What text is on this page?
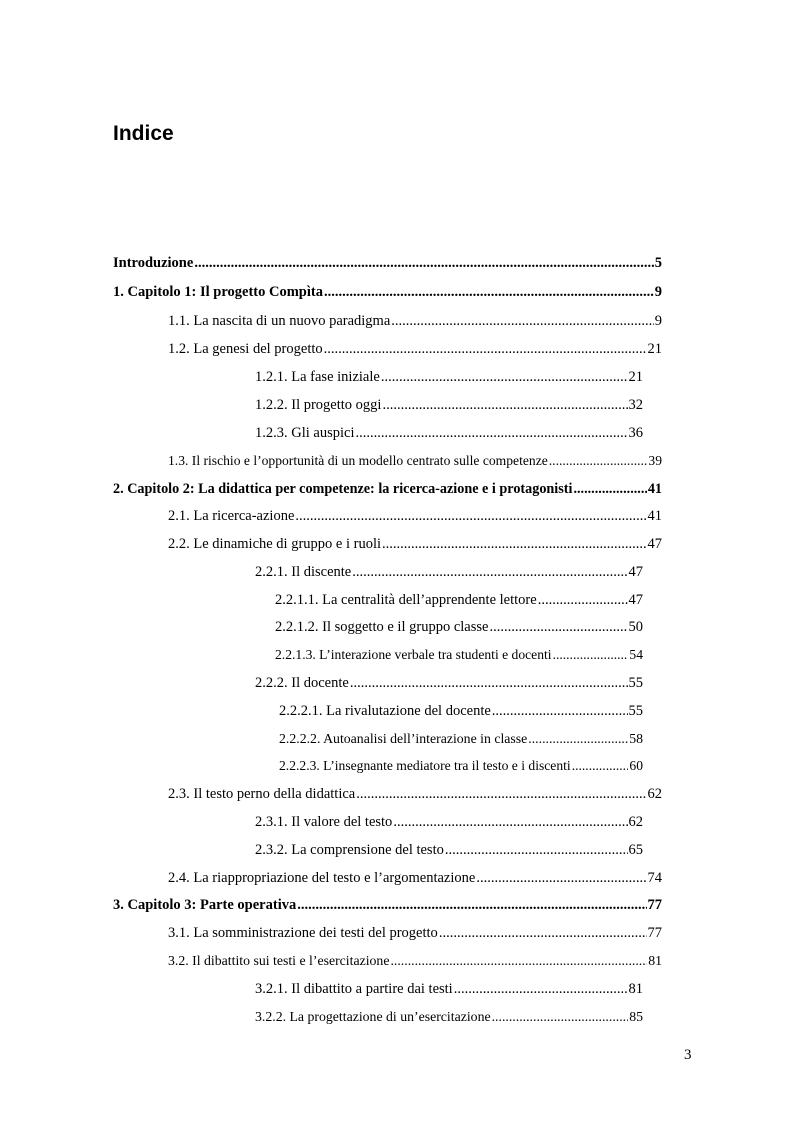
Indice
Introduzione .....	5
1. Capitolo 1: Il progetto Compìta .....	9
1.1. La nascita di un nuovo paradigma .....	9
1.2. La genesi del progetto .....	21
1.2.1. La fase iniziale .....	21
1.2.2. Il progetto oggi .....	32
1.2.3. Gli auspici .....	36
1.3. Il rischio e l’opportunità di un modello centrato sulle competenze .....	39
2. Capitolo 2: La didattica per competenze: la ricerca-azione e i protagonisti .....	41
2.1. La ricerca-azione .....	41
2.2. Le dinamiche di gruppo e i ruoli .....	47
2.2.1. Il discente .....	47
2.2.1.1. La centralità dell’apprendente lettore .....	47
2.2.1.2. Il soggetto e il gruppo classe .....	50
2.2.1.3. L’interazione verbale tra studenti e docenti .....	54
2.2.2. Il docente .....	55
2.2.2.1. La rivalutazione del docente .....	55
2.2.2.2. Autoanalisi dell’interazione in classe .....	58
2.2.2.3. L’insegnante mediatore tra il testo e i discenti .....	60
2.3. Il testo perno della didattica .....	62
2.3.1. Il valore del testo .....	62
2.3.2. La comprensione del testo .....	65
2.4. La riappropriazione del testo e l’argomentazione .....	74
3. Capitolo 3: Parte operativa .....	77
3.1. La somministrazione dei testi del progetto .....	77
3.2. Il dibattito sui testi e l’esercitazione .....	81
3.2.1. Il dibattito a partire dai testi .....	81
3.2.2. La progettazione di un’esercitazione .....	85
3
